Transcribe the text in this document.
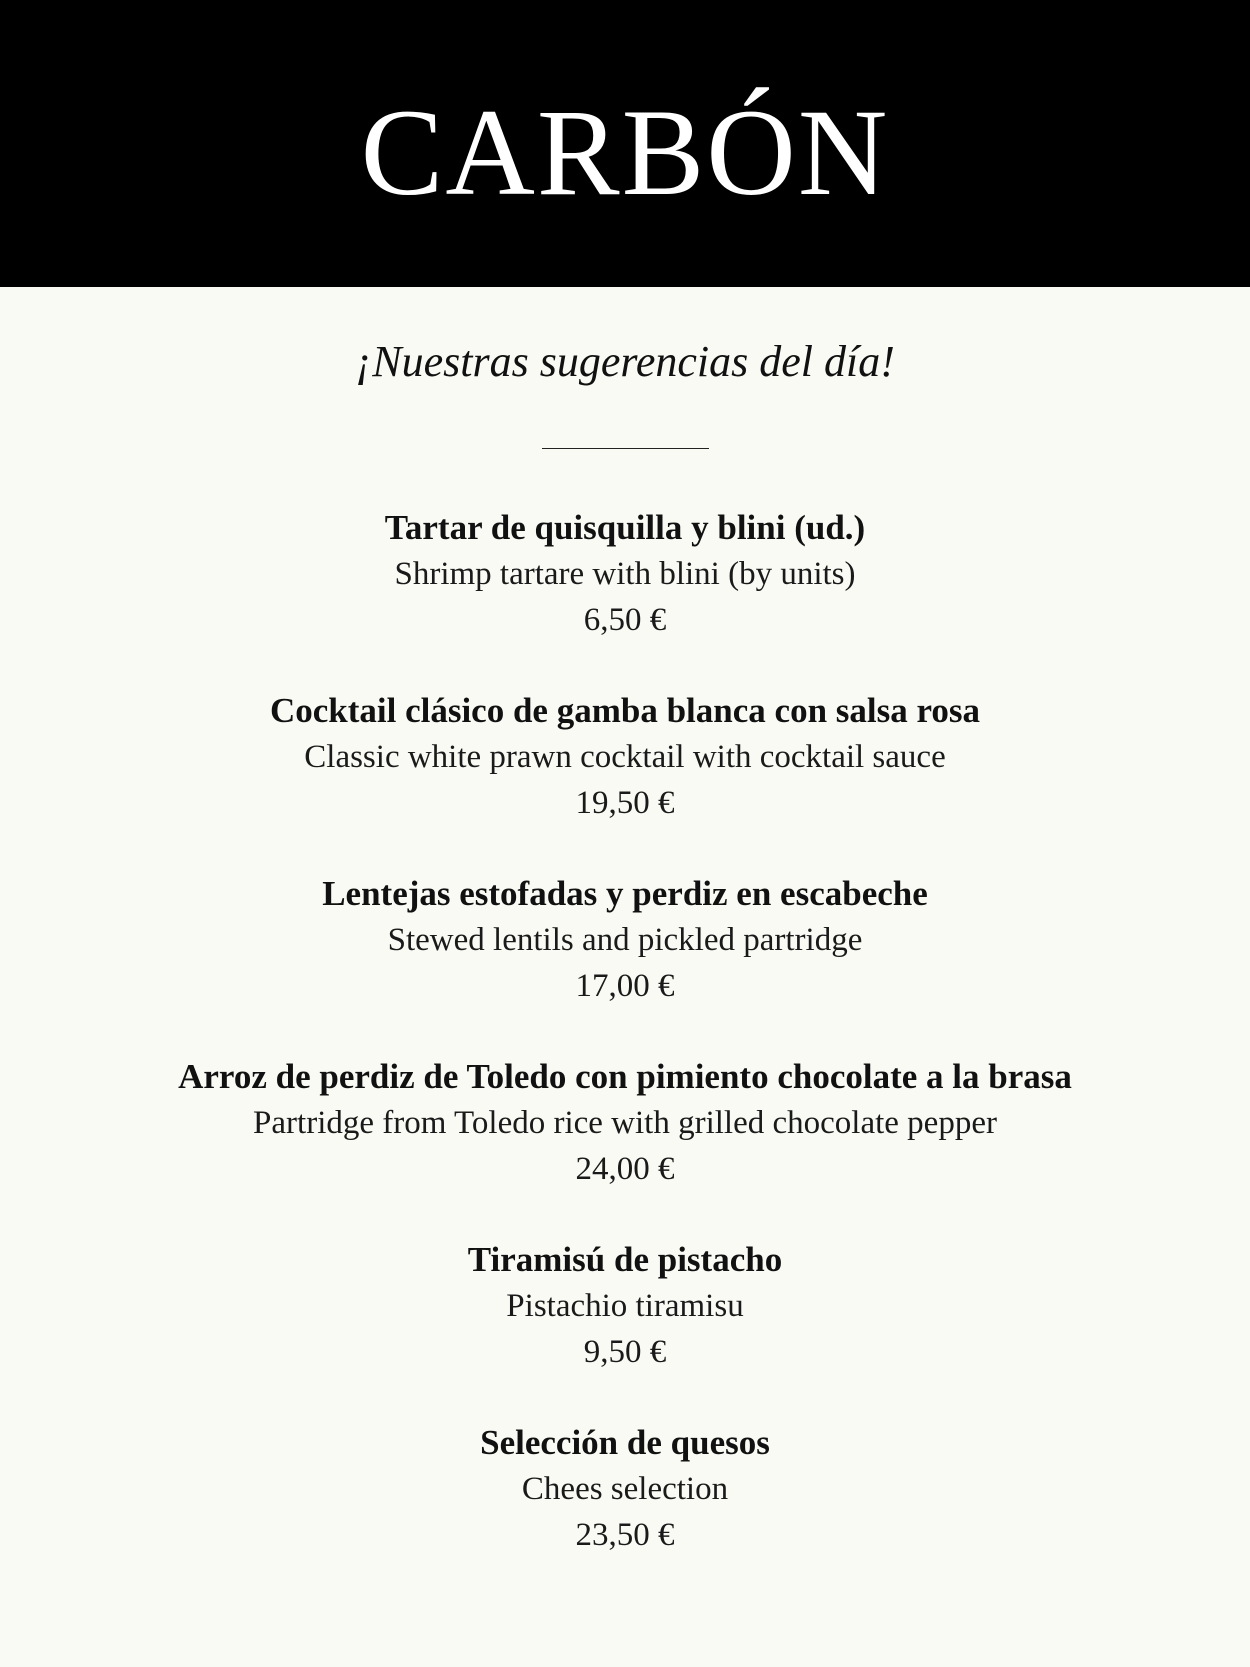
CARBÓN
¡Nuestras sugerencias del día!
Tartar de quisquilla y blini (ud.)
Shrimp tartare with blini (by units)
6,50 €
Cocktail clásico de gamba blanca con salsa rosa
Classic white prawn cocktail with cocktail sauce
19,50 €
Lentejas estofadas y perdiz en escabeche
Stewed lentils and pickled partridge
17,00 €
Arroz de perdiz de Toledo con pimiento chocolate a la brasa
Partridge from Toledo rice with grilled chocolate pepper
24,00 €
Tiramisú de pistacho
Pistachio tiramisu
9,50 €
Selección de quesos
Chees selection
23,50 €
